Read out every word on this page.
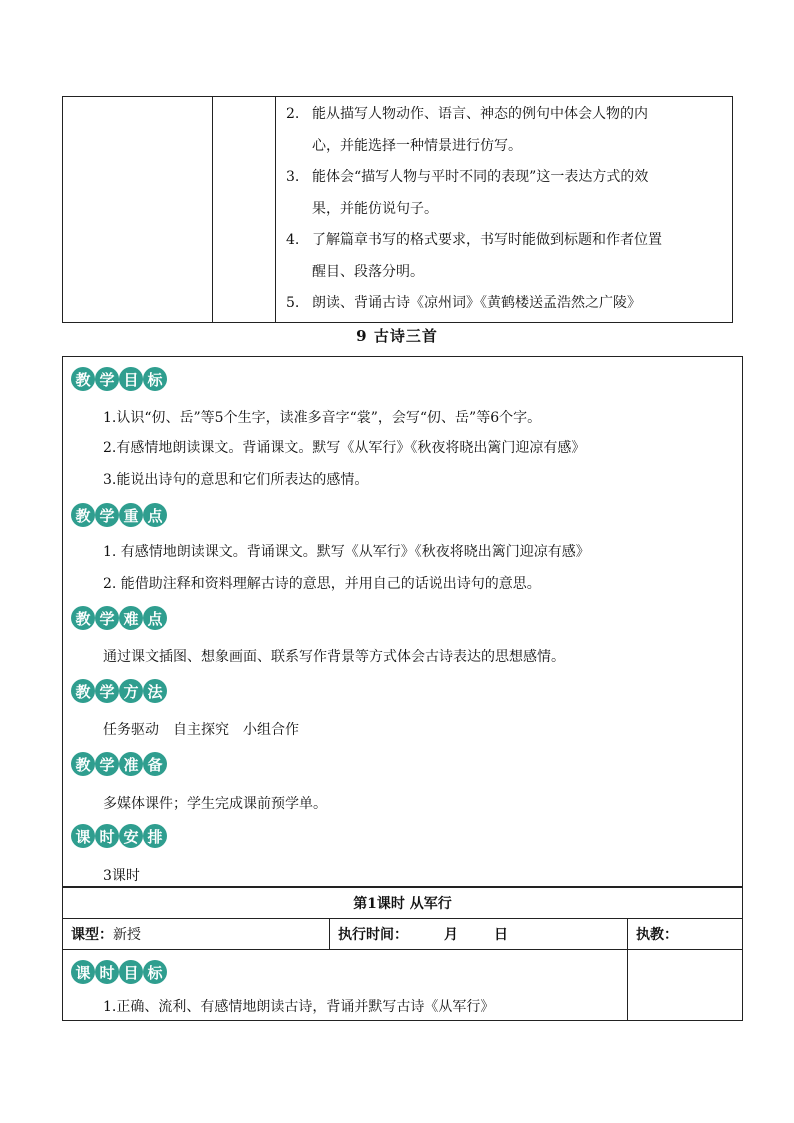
2. 能从描写人物动作、语言、神态的例句中体会人物的内
心，并能选择一种情景进行仿写。
3. 能体会“描写人物与平时不同的表现”这一表达方式的效
果，并能仿说句子。
4. 了解篇章书写的格式要求，书写时能做到标题和作者位置
醒目、段落分明。
5. 朗读、背诵古诗《凉州词》《黄鹤楼送孟浩然之广陵》
9 古诗三首
教 学 目 标
1.认识“仞、岳”等5个生字，读准多音字“裳”，会写“仞、岳”等6个字。
2.有感情地朗读课文。背诵课文。默写《从军行》《秋夜将晓出篱门迎凉有感》
3.能说出诗句的意思和它们所表达的感情。
教 学 重 点
1. 有感情地朗读课文。背诵课文。默写《从军行》《秋夜将晓出篱门迎凉有感》
2. 能借助注释和资料理解古诗的意思，并用自己的话说出诗句的意思。
教 学 难 点
通过课文插图、想象画面、联系写作背景等方式体会古诗表达的思想感情。
教 学 方 法
任务驱动　自主探究　小组合作
教 学 准 备
多媒体课件；学生完成课前预学单。
课 时 安 排
3课时
第1课时 从军行		
课型：新授	执行时间： 月 日	执教：

课 时 目 标
1.正确、流利、有感情地朗读古诗，背诵并默写古诗《从军行》		
